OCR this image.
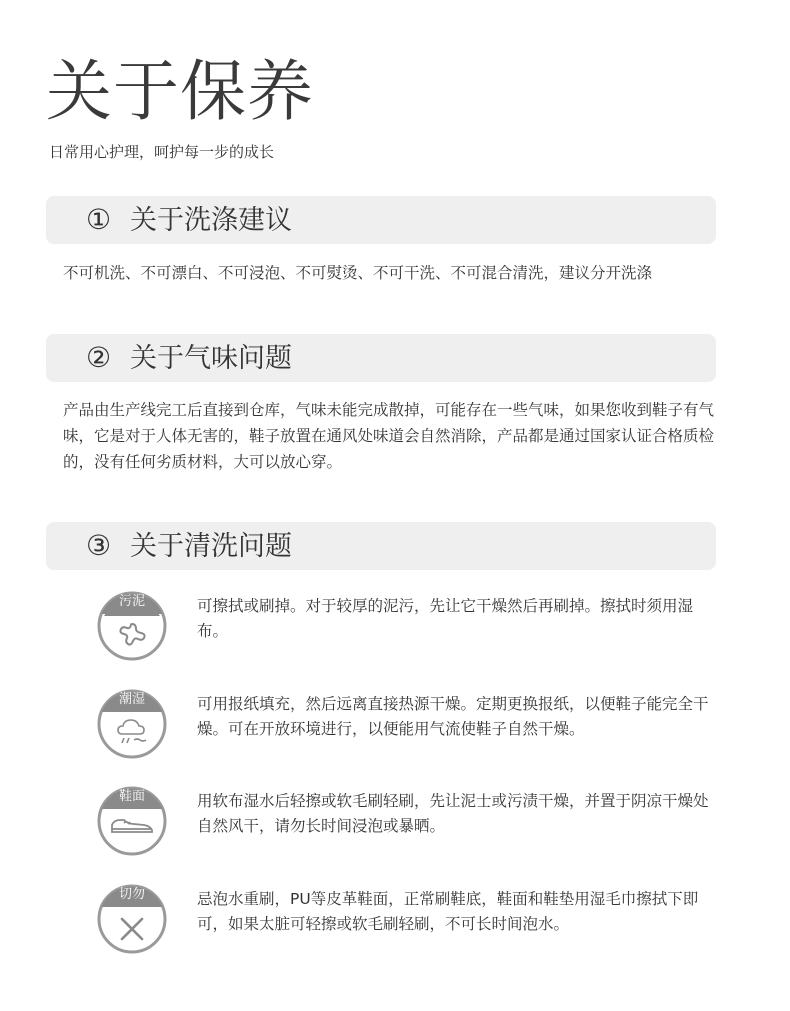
关于保养

日常用心护理，呵护每一步的成长

① 关于洗涤建议

不可机洗、不可漂白、不可浸泡、不可熨烫、不可干洗、不可混合清洗，建议分开洗涤

② 关于气味问题

产品由生产线完工后直接到仓库，气味未能完成散掉，可能存在一些气味，如果您收到鞋子有气味，它是对于人体无害的，鞋子放置在通风处味道会自然消除，产品都是通过国家认证合格质检的，没有任何劣质材料，大可以放心穿。

③ 关于清洗问题
污泥	可擦拭或刷掉。对于较厚的泥污，先让它干燥然后再刷掉。擦拭时须用湿布。

潮湿	可用报纸填充，然后远离直接热源干燥。定期更换报纸，以便鞋子能完全干燥。可在开放环境进行，以便能用气流使鞋子自然干燥。

鞋面	用软布湿水后轻擦或软毛刷轻刷，先让泥士或污渍干燥，并置于阴凉干燥处自然风干，请勿长时间浸泡或暴晒。

切勿	忌泡水重刷，PU等皮革鞋面，正常刷鞋底，鞋面和鞋垫用湿毛巾擦拭下即可，如果太脏可轻擦或软毛刷轻刷，不可长时间泡水。
